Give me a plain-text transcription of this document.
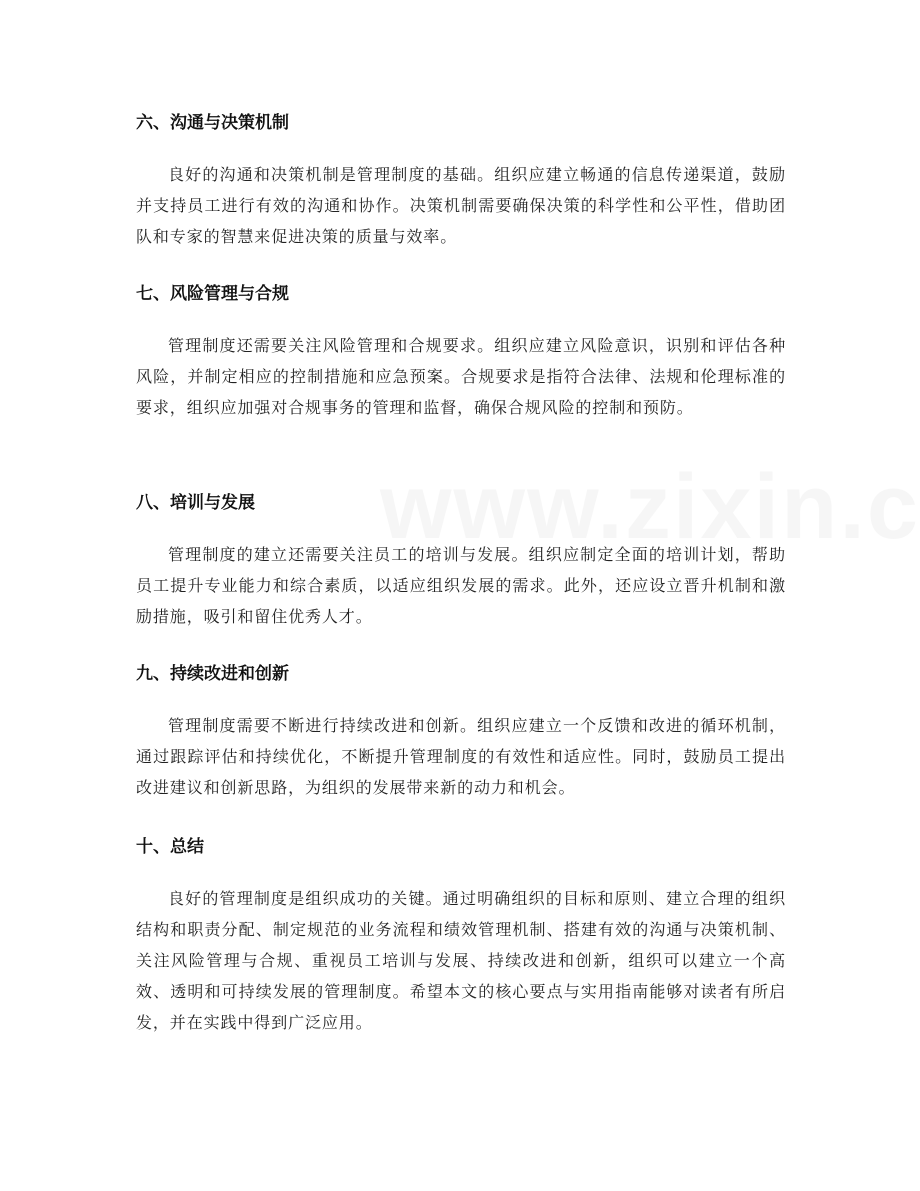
六、沟通与决策机制

良好的沟通和决策机制是管理制度的基础。组织应建立畅通的信息传递渠道，鼓励并支持员工进行有效的沟通和协作。决策机制需要确保决策的科学性和公平性，借助团队和专家的智慧来促进决策的质量与效率。

七、风险管理与合规

管理制度还需要关注风险管理和合规要求。组织应建立风险意识，识别和评估各种风险，并制定相应的控制措施和应急预案。合规要求是指符合法律、法规和伦理标准的要求，组织应加强对合规事务的管理和监督，确保合规风险的控制和预防。

八、培训与发展

管理制度的建立还需要关注员工的培训与发展。组织应制定全面的培训计划，帮助员工提升专业能力和综合素质，以适应组织发展的需求。此外，还应设立晋升机制和激励措施，吸引和留住优秀人才。

九、持续改进和创新

管理制度需要不断进行持续改进和创新。组织应建立一个反馈和改进的循环机制，通过跟踪评估和持续优化，不断提升管理制度的有效性和适应性。同时，鼓励员工提出改进建议和创新思路，为组织的发展带来新的动力和机会。

十、总结

良好的管理制度是组织成功的关键。通过明确组织的目标和原则、建立合理的组织结构和职责分配、制定规范的业务流程和绩效管理机制、搭建有效的沟通与决策机制、关注风险管理与合规、重视员工培训与发展、持续改进和创新，组织可以建立一个高效、透明和可持续发展的管理制度。希望本文的核心要点与实用指南能够对读者有所启发，并在实践中得到广泛应用。
